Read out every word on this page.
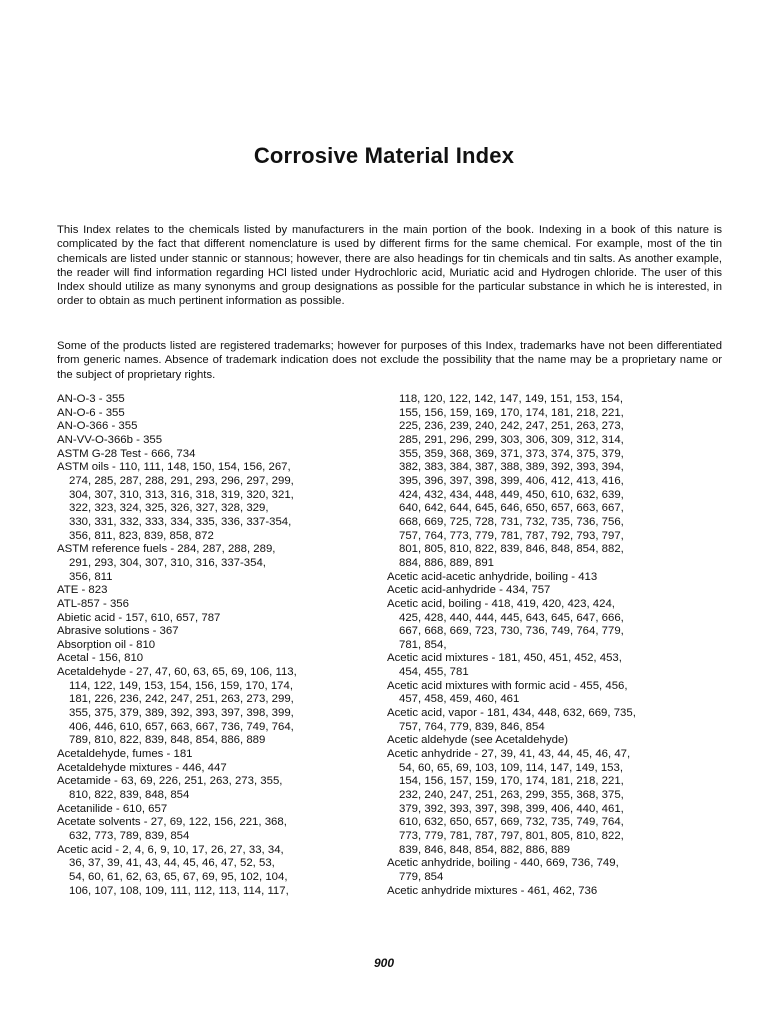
Corrosive Material Index

This Index relates to the chemicals listed by manufacturers in the main portion of the book. Indexing in a book of this nature is complicated by the fact that different nomenclature is used by different firms for the same chemical. For example, most of the tin chemicals are listed under stannic or stannous; however, there are also headings for tin chemicals and tin salts. As another example, the reader will find information regarding HCl listed under Hydrochloric acid, Muriatic acid and Hydrogen chloride. The user of this Index should utilize as many synonyms and group designations as possible for the particular substance in which he is interested, in order to obtain as much pertinent information as possible.

Some of the products listed are registered trademarks; however for purposes of this Index, trademarks have not been differentiated from generic names. Absence of trademark indication does not exclude the possibility that the name may be a proprietary name or the subject of proprietary rights.

AN-O-3 - 355
AN-O-6 - 355
AN-O-366 - 355
AN-VV-O-366b - 355
ASTM G-28 Test - 666, 734
ASTM oils - 110, 111, 148, 150, 154, 156, 267,
274, 285, 287, 288, 291, 293, 296, 297, 299,
304, 307, 310, 313, 316, 318, 319, 320, 321,
322, 323, 324, 325, 326, 327, 328, 329,
330, 331, 332, 333, 334, 335, 336, 337-354,
356, 811, 823, 839, 858, 872
ASTM reference fuels - 284, 287, 288, 289,
291, 293, 304, 307, 310, 316, 337-354,
356, 811
ATE - 823
ATL-857 - 356
Abietic acid - 157, 610, 657, 787
Abrasive solutions - 367
Absorption oil - 810
Acetal - 156, 810
Acetaldehyde - 27, 47, 60, 63, 65, 69, 106, 113,
114, 122, 149, 153, 154, 156, 159, 170, 174,
181, 226, 236, 242, 247, 251, 263, 273, 299,
355, 375, 379, 389, 392, 393, 397, 398, 399,
406, 446, 610, 657, 663, 667, 736, 749, 764,
789, 810, 822, 839, 848, 854, 886, 889
Acetaldehyde, fumes - 181
Acetaldehyde mixtures - 446, 447
Acetamide - 63, 69, 226, 251, 263, 273, 355,
810, 822, 839, 848, 854
Acetanilide - 610, 657
Acetate solvents - 27, 69, 122, 156, 221, 368,
632, 773, 789, 839, 854
Acetic acid - 2, 4, 6, 9, 10, 17, 26, 27, 33, 34,
36, 37, 39, 41, 43, 44, 45, 46, 47, 52, 53,
54, 60, 61, 62, 63, 65, 67, 69, 95, 102, 104,
106, 107, 108, 109, 111, 112, 113, 114, 117,
118, 120, 122, 142, 147, 149, 151, 153, 154,
155, 156, 159, 169, 170, 174, 181, 218, 221,
225, 236, 239, 240, 242, 247, 251, 263, 273,
285, 291, 296, 299, 303, 306, 309, 312, 314,
355, 359, 368, 369, 371, 373, 374, 375, 379,
382, 383, 384, 387, 388, 389, 392, 393, 394,
395, 396, 397, 398, 399, 406, 412, 413, 416,
424, 432, 434, 448, 449, 450, 610, 632, 639,
640, 642, 644, 645, 646, 650, 657, 663, 667,
668, 669, 725, 728, 731, 732, 735, 736, 756,
757, 764, 773, 779, 781, 787, 792, 793, 797,
801, 805, 810, 822, 839, 846, 848, 854, 882,
884, 886, 889, 891
Acetic acid-acetic anhydride, boiling - 413
Acetic acid-anhydride - 434, 757
Acetic acid, boiling - 418, 419, 420, 423, 424,
425, 428, 440, 444, 445, 643, 645, 647, 666,
667, 668, 669, 723, 730, 736, 749, 764, 779,
781, 854,
Acetic acid mixtures - 181, 450, 451, 452, 453,
454, 455, 781
Acetic acid mixtures with formic acid - 455, 456,
457, 458, 459, 460, 461
Acetic acid, vapor - 181, 434, 448, 632, 669, 735,
757, 764, 779, 839, 846, 854
Acetic aldehyde (see Acetaldehyde)
Acetic anhydride - 27, 39, 41, 43, 44, 45, 46, 47,
54, 60, 65, 69, 103, 109, 114, 147, 149, 153,
154, 156, 157, 159, 170, 174, 181, 218, 221,
232, 240, 247, 251, 263, 299, 355, 368, 375,
379, 392, 393, 397, 398, 399, 406, 440, 461,
610, 632, 650, 657, 669, 732, 735, 749, 764,
773, 779, 781, 787, 797, 801, 805, 810, 822,
839, 846, 848, 854, 882, 886, 889
Acetic anhydride, boiling - 440, 669, 736, 749,
779, 854
Acetic anhydride mixtures - 461, 462, 736
900
